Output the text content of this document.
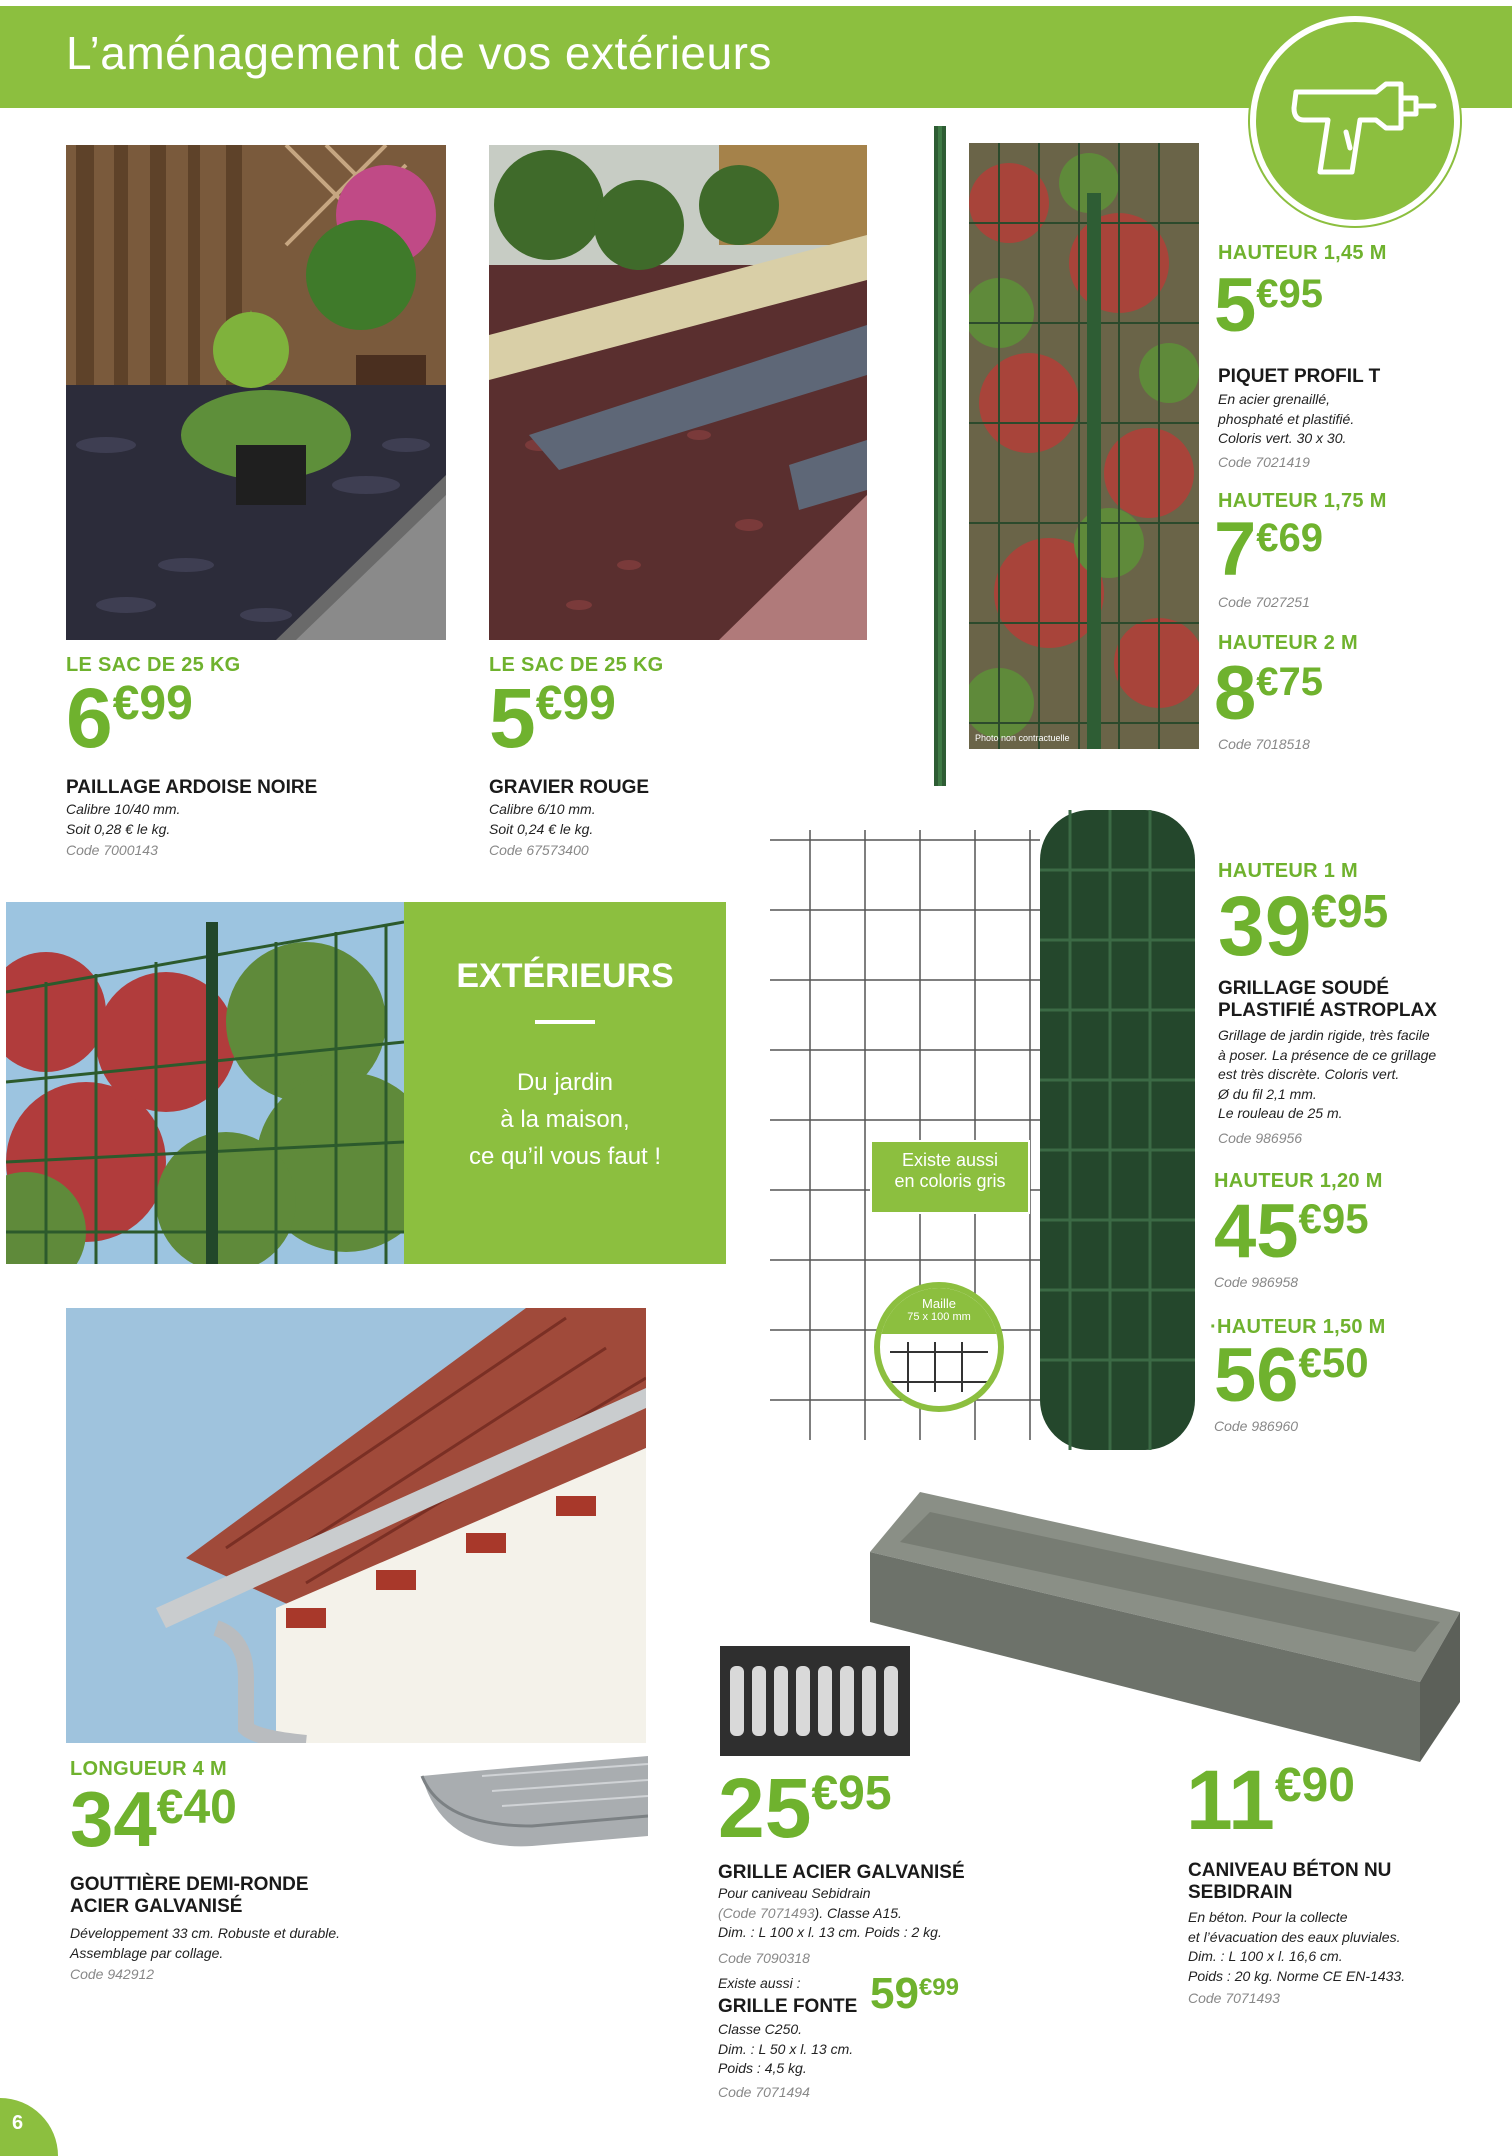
L’aménagement de vos extérieurs
Photo non contractuelle
HAUTEUR 1,45 M
5€95
PIQUET PROFIL T
En acier grenaillé,
phosphaté et plastifié.
Coloris vert. 30 x 30.
Code 7021419
HAUTEUR 1,75 M
7€69
Code 7027251
HAUTEUR 2 M
8€75
Code 7018518
LE SAC DE 25 KG
6€99
PAILLAGE ARDOISE NOIRE
Calibre 10/40 mm.
Soit 0,28 € le kg.
Code 7000143
LE SAC DE 25 KG
5€99
GRAVIER ROUGE
Calibre 6/10 mm.
Soit 0,24 € le kg.
Code 67573400
EXTÉRIEURS
Du jardin
à la maison,
ce qu’il vous faut !	Existe aussi
en coloris gris
Maille
75 x 100 mm
HAUTEUR 1 M
39€95
GRILLAGE SOUDÉ
PLASTIFIÉ ASTROPLAX
Grillage de jardin rigide, très facile
à poser. La présence de ce grillage
est très discrète. Coloris vert.
Ø du fil 2,1 mm.
Le rouleau de 25 m.
Code 986956
HAUTEUR 1,20 M
45€95
Code 986958
·HAUTEUR 1,50 M
56€50
Code 986960
LONGUEUR 4 M
34€40
GOUTTIÈRE DEMI-RONDE
ACIER GALVANISÉ
Développement 33 cm. Robuste et durable.
Assemblage par collage.
Code 942912
25€95
GRILLE ACIER GALVANISÉ
Pour caniveau Sebidrain
(Code 7071493). Classe A15.
Dim. : L 100 x l. 13 cm. Poids : 2 kg.
Code 7090318
Existe aussi :
GRILLE FONTE 59€99
Classe C250.
Dim. : L 50 x l. 13 cm.
Poids : 4,5 kg.
Code 7071494
11€90
CANIVEAU BÉTON NU
SEBIDRAIN
En béton. Pour la collecte
et l’évacuation des eaux pluviales.
Dim. : L 100 x l. 16,6 cm.
Poids : 20 kg. Norme CE EN-1433.
Code 7071493
6
